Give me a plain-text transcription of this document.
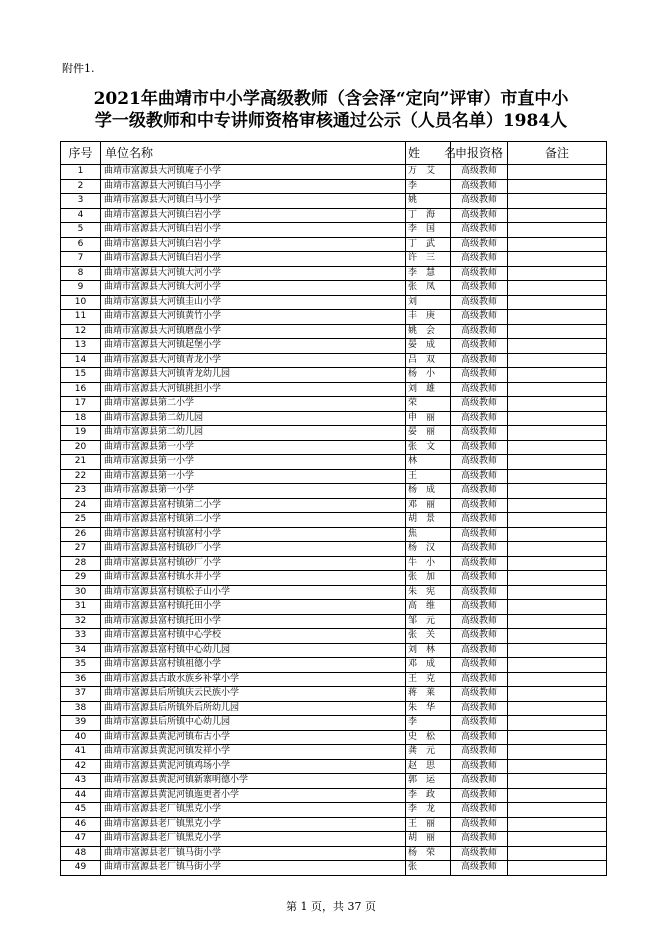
附件1.
2021年曲靖市中小学高级教师（含会泽“定向”评审）市直中小
学一级教师和中专讲师资格审核通过公示（人员名单）1984人
序号	单位名称	姓　　名	申报资格	备注
1	曲靖市富源县大河镇庵子小学	万　艾	高级教师	
2	曲靖市富源县大河镇白马小学	李	高级教师	
3	曲靖市富源县大河镇白马小学	姚	高级教师	
4	曲靖市富源县大河镇白岩小学	丁　海	高级教师	
5	曲靖市富源县大河镇白岩小学	李　国	高级教师	
6	曲靖市富源县大河镇白岩小学	丁　武	高级教师	
7	曲靖市富源县大河镇白岩小学	许　三	高级教师	
8	曲靖市富源县大河镇大河小学	李　慧	高级教师	
9	曲靖市富源县大河镇大河小学	张　凤	高级教师	
10	曲靖市富源县大河镇圭山小学	刘	高级教师	
11	曲靖市富源县大河镇黄竹小学	丰　庚	高级教师	
12	曲靖市富源县大河镇磨盘小学	姚　会	高级教师	
13	曲靖市富源县大河镇起堡小学	晏　成	高级教师	
14	曲靖市富源县大河镇青龙小学	吕　双	高级教师	
15	曲靖市富源县大河镇青龙幼儿园	杨　小	高级教师	
16	曲靖市富源县大河镇挑担小学	刘　雄	高级教师	
17	曲靖市富源县第二小学	荣	高级教师	
18	曲靖市富源县第二幼儿园	申　丽	高级教师	
19	曲靖市富源县第二幼儿园	晏　丽	高级教师	
20	曲靖市富源县第一小学	张　文	高级教师	
21	曲靖市富源县第一小学	林	高级教师	
22	曲靖市富源县第一小学	王	高级教师	
23	曲靖市富源县第一小学	杨　成	高级教师	
24	曲靖市富源县富村镇第二小学	邓　丽	高级教师	
25	曲靖市富源县富村镇第二小学	胡　景	高级教师	
26	曲靖市富源县富村镇富村小学	焦	高级教师	
27	曲靖市富源县富村镇砂厂小学	杨　汉	高级教师	
28	曲靖市富源县富村镇砂厂小学	牛　小	高级教师	
29	曲靖市富源县富村镇水井小学	张　加	高级教师	
30	曲靖市富源县富村镇松子山小学	朱　宪	高级教师	
31	曲靖市富源县富村镇托田小学	高　维	高级教师	
32	曲靖市富源县富村镇托田小学	邹　元	高级教师	
33	曲靖市富源县富村镇中心学校	张　关	高级教师	
34	曲靖市富源县富村镇中心幼儿园	刘　林	高级教师	
35	曲靖市富源县富村镇祖德小学	邓　成	高级教师	
36	曲靖市富源县古敢水族乡补掌小学	王　克	高级教师	
37	曲靖市富源县后所镇庆云民族小学	蒋　莱	高级教师	
38	曲靖市富源县后所镇外后所幼儿园	朱　华	高级教师	
39	曲靖市富源县后所镇中心幼儿园	李	高级教师	
40	曲靖市富源县黄泥河镇布古小学	史　松	高级教师	
41	曲靖市富源县黄泥河镇发祥小学	龚　元	高级教师	
42	曲靖市富源县黄泥河镇鸡场小学	赵　思	高级教师	
43	曲靖市富源县黄泥河镇新寨明德小学	郭　运	高级教师	
44	曲靖市富源县黄泥河镇迤更者小学	李　政	高级教师	
45	曲靖市富源县老厂镇黑克小学	李　龙	高级教师	
46	曲靖市富源县老厂镇黑克小学	王　丽	高级教师	
47	曲靖市富源县老厂镇黑克小学	胡　丽	高级教师	
48	曲靖市富源县老厂镇马街小学	杨　荣	高级教师	
49	曲靖市富源县老厂镇马街小学	张	高级教师	
第 1 页，共 37 页
